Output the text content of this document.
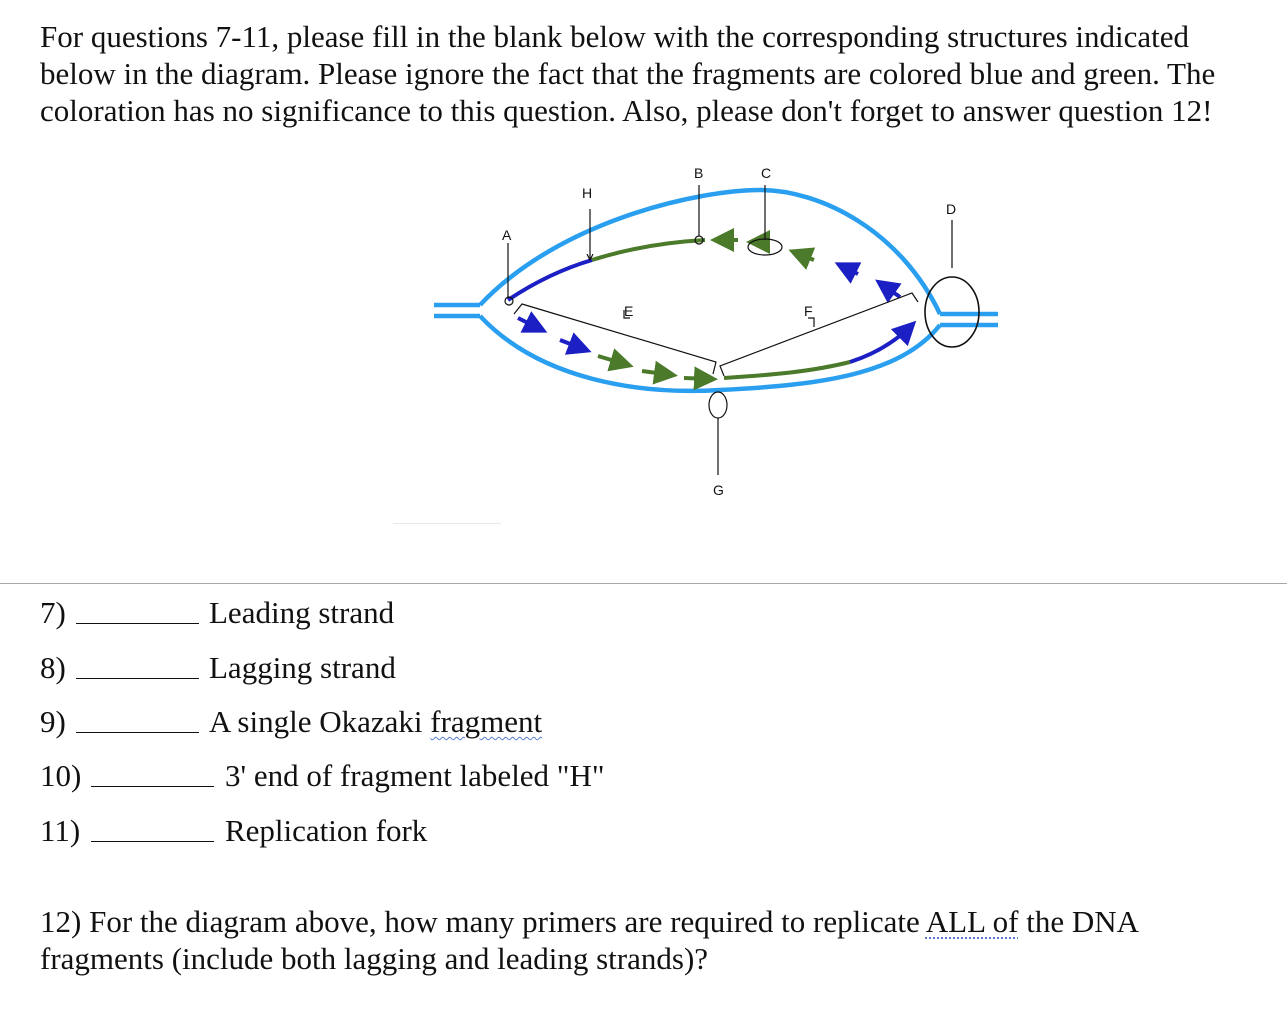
For questions 7-11, please fill in the blank below with the corresponding structures indicated below in the diagram. Please ignore the fact that the fragments are colored blue and green. The coloration has no significance to this question. Also, please don't forget to answer question 12!

A
H
B	C
D
E	F
G
7)	Leading strand
8)	Lagging strand
9)	A single Okazaki fragment
10)	3' end of fragment labeled "H"
11)	Replication fork

12) For the diagram above, how many primers are required to replicate ALL of the DNA fragments (include both lagging and leading strands)?
